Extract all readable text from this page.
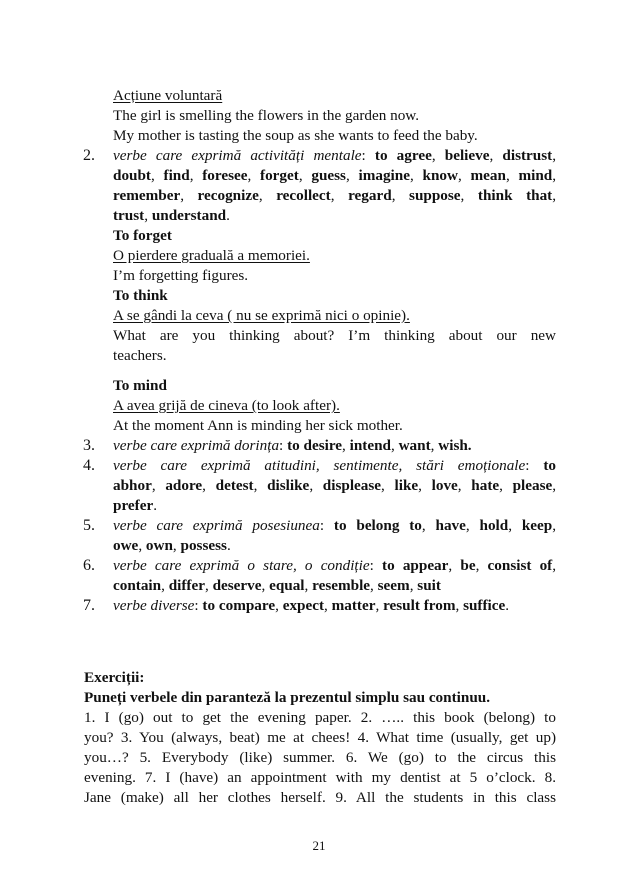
Acțiune voluntară
The girl is smelling the flowers in the garden now.
My mother is tasting the soup as she wants to feed the baby.
2. verbe care exprimă activități mentale: to agree, believe, distrust,
doubt, find, foresee, forget, guess, imagine, know, mean, mind,
remember, recognize, recollect, regard, suppose, think that,
trust, understand.
To forget
O pierdere graduală a memoriei.
I’m forgetting figures.
To think
A se gândi la ceva ( nu se exprimă nici o opinie).
What are you thinking about? I’m thinking about our new
teachers.
To mind
A avea grijă de cineva (to look after).
At the moment Ann is minding her sick mother.
3. verbe care exprimă dorința: to desire, intend, want, wish.
4. verbe care exprimă atitudini, sentimente, stări emoționale: to
abhor, adore, detest, dislike, displease, like, love, hate, please,
prefer.
5. verbe care exprimă posesiunea: to belong to, have, hold, keep,
owe, own, possess.
6. verbe care exprimă o stare, o condiție: to appear, be, consist of,
contain, differ, deserve, equal, resemble, seem, suit
7. verbe diverse: to compare, expect, matter, result from, suffice.
Exerciții:
Puneți verbele din paranteză la prezentul simplu sau continuu.
1. I (go) out to get the evening paper. 2. ….. this book (belong) to
you? 3. You (always, beat) me at chees! 4. What time (usually, get up)
you…? 5. Everybody (like) summer. 6. We (go) to the circus this
evening. 7. I (have) an appointment with my dentist at 5 o’clock. 8.
Jane (make) all her clothes herself. 9. All the students in this class
21
